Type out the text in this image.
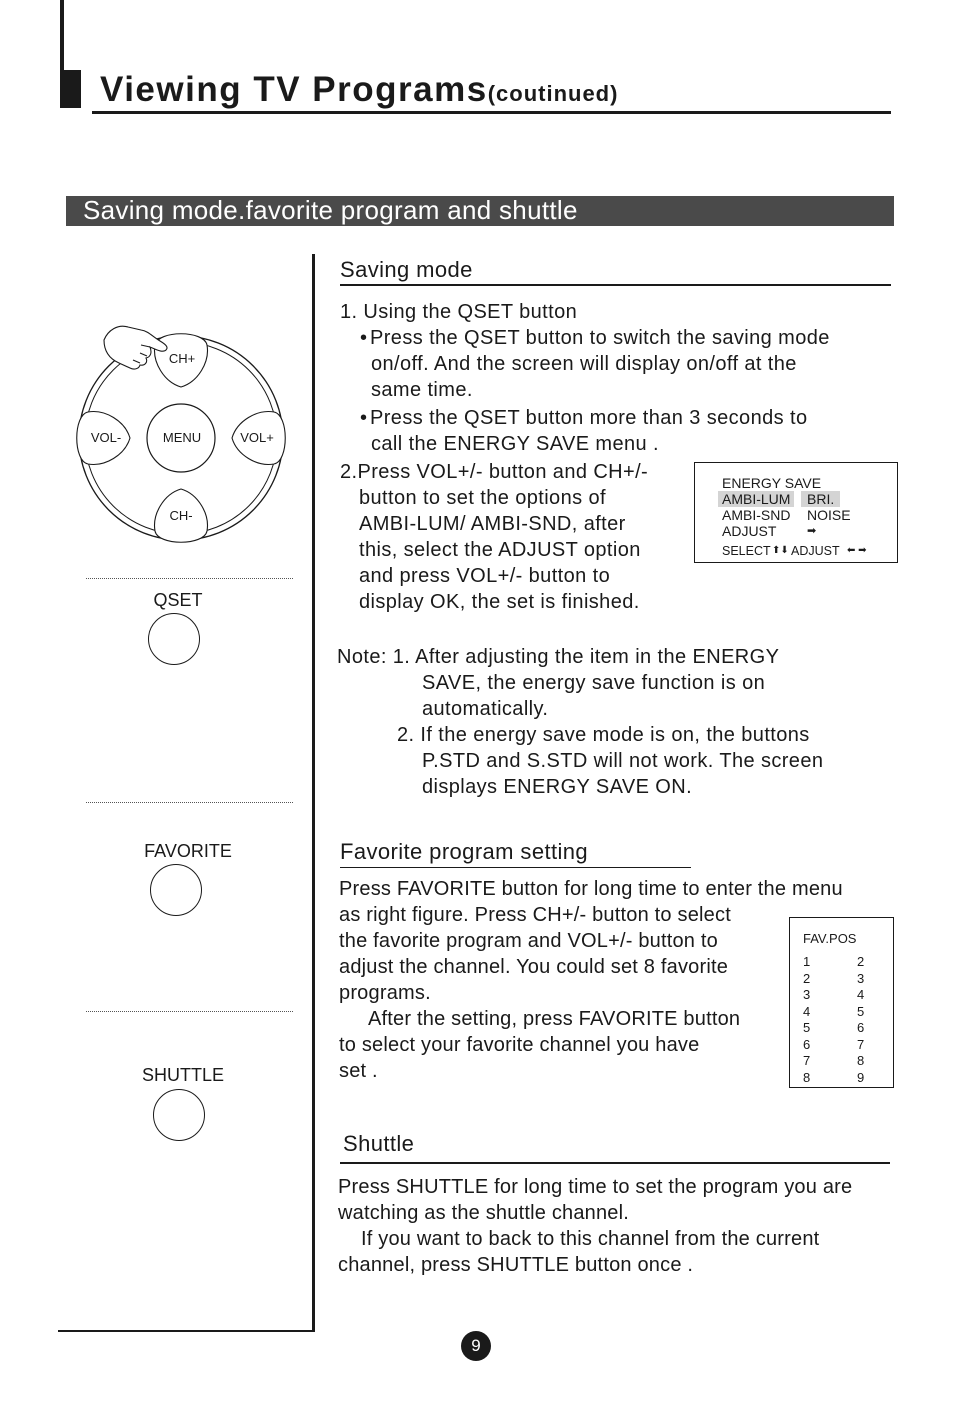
Viewing TV Programs(coutinued)
Saving mode.favorite program and shuttle
CH+
CH-
VOL-	VOL+
MENU
QSET
FAVORITE
SHUTTLE
Saving mode
1. Using the QSET button
• Press the QSET button to switch the saving mode
on/off. And the screen will display on/off at the
same time.
• Press the QSET button more than 3 seconds to
call the ENERGY SAVE menu .
2.Press VOL+/- button and CH+/-
button to set the options of
AMBI-LUM/ AMBI-SND, after
this, select the ADJUST option
and press VOL+/- button to
display OK, the set is finished.
ENERGY SAVE
AMBI-LUM	BRI.
AMBI-SND NOISE
ADJUST	➡
SELECT ⬆⬇ ADJUST ⬅ ➡
Note: 1. After adjusting the item in the ENERGY
SAVE, the energy save function is on
automatically.
2. If the energy save mode is on, the buttons
P.STD and S.STD will not work. The screen
displays ENERGY SAVE ON.
Favorite program setting
Press FAVORITE button for long time to enter the menu
as right figure. Press CH+/- button to select
the favorite program and VOL+/- button to
adjust the channel. You could set 8 favorite
programs.
After the setting, press FAVORITE button
to select your favorite channel you have
set .
FAV.POS
1	2
2	3
3	4
4	5
5	6
6	7
7	8
8	9
Shuttle
Press SHUTTLE for long time to set the program you are
watching as the shuttle channel.
If you want to back to this channel from the current
channel, press SHUTTLE button once .
9
